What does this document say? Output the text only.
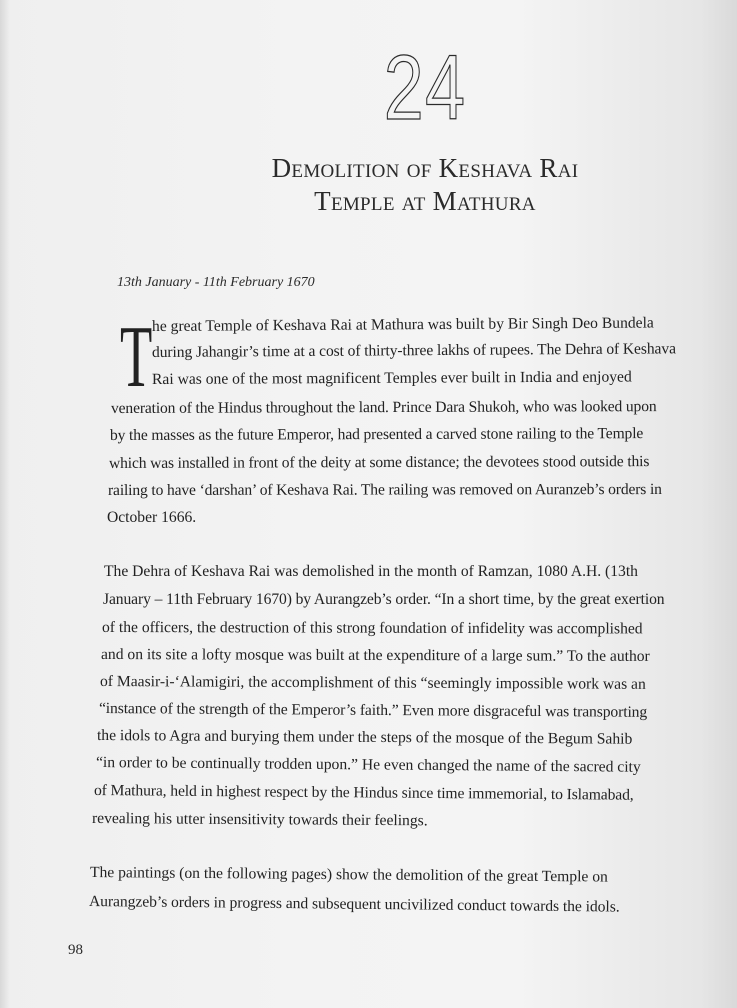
24
Demolition of Keshava Rai
Temple at Mathura
13th January - 11th February 1670
T he great Temple of Keshava Rai at Mathura was built by Bir Singh Deo Bundela
during Jahangir’s time at a cost of thirty-three lakhs of rupees. The Dehra of Keshava
Rai was one of the most magnificent Temples ever built in India and enjoyed
veneration of the Hindus throughout the land. Prince Dara Shukoh, who was looked upon
by the masses as the future Emperor, had presented a carved stone railing to the Temple
which was installed in front of the deity at some distance; the devotees stood outside this
railing to have ‘darshan’ of Keshava Rai. The railing was removed on Auranzeb’s orders in
October 1666.
The Dehra of Keshava Rai was demolished in the month of Ramzan, 1080 A.H. (13th
January – 11th February 1670) by Aurangzeb’s order. “In a short time, by the great exertion
of the officers, the destruction of this strong foundation of infidelity was accomplished
and on its site a lofty mosque was built at the expenditure of a large sum.” To the author
of Maasir-i-‘Alamigiri, the accomplishment of this “seemingly impossible work was an
“instance of the strength of the Emperor’s faith.” Even more disgraceful was transporting
the idols to Agra and burying them under the steps of the mosque of the Begum Sahib
“in order to be continually trodden upon.” He even changed the name of the sacred city
of Mathura, held in highest respect by the Hindus since time immemorial, to Islamabad,
revealing his utter insensitivity towards their feelings.
The paintings (on the following pages) show the demolition of the great Temple on
Aurangzeb’s orders in progress and subsequent uncivilized conduct towards the idols.
98
